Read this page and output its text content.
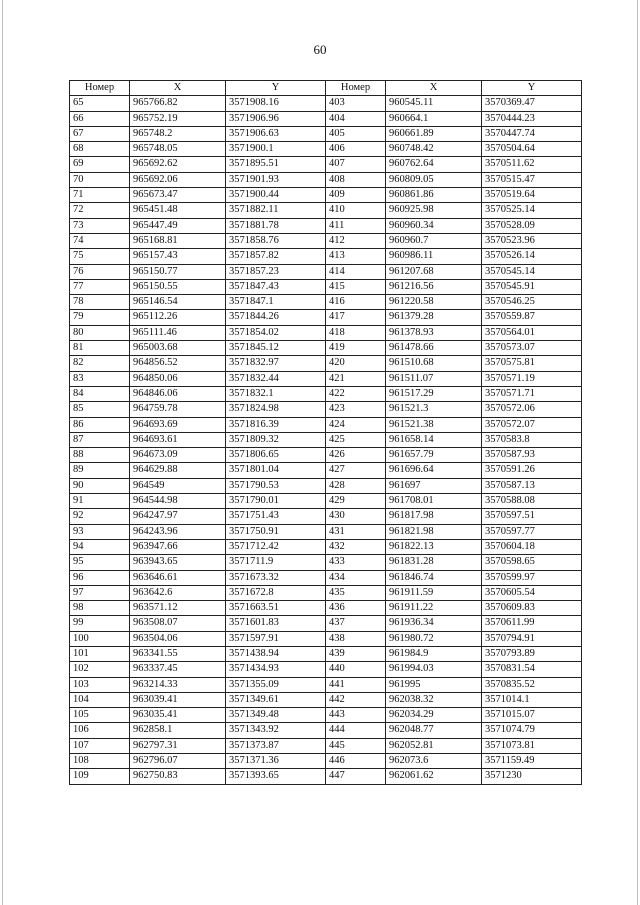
60
Номер	X	Y	Номер	X	Y
65	965766.82	3571908.16	403	960545.11	3570369.47
66	965752.19	3571906.96	404	960664.1	3570444.23
67	965748.2	3571906.63	405	960661.89	3570447.74
68	965748.05	3571900.1	406	960748.42	3570504.64
69	965692.62	3571895.51	407	960762.64	3570511.62
70	965692.06	3571901.93	408	960809.05	3570515.47
71	965673.47	3571900.44	409	960861.86	3570519.64
72	965451.48	3571882.11	410	960925.98	3570525.14
73	965447.49	3571881.78	411	960960.34	3570528.09
74	965168.81	3571858.76	412	960960.7	3570523.96
75	965157.43	3571857.82	413	960986.11	3570526.14
76	965150.77	3571857.23	414	961207.68	3570545.14
77	965150.55	3571847.43	415	961216.56	3570545.91
78	965146.54	3571847.1	416	961220.58	3570546.25
79	965112.26	3571844.26	417	961379.28	3570559.87
80	965111.46	3571854.02	418	961378.93	3570564.01
81	965003.68	3571845.12	419	961478.66	3570573.07
82	964856.52	3571832.97	420	961510.68	3570575.81
83	964850.06	3571832.44	421	961511.07	3570571.19
84	964846.06	3571832.1	422	961517.29	3570571.71
85	964759.78	3571824.98	423	961521.3	3570572.06
86	964693.69	3571816.39	424	961521.38	3570572.07
87	964693.61	3571809.32	425	961658.14	3570583.8
88	964673.09	3571806.65	426	961657.79	3570587.93
89	964629.88	3571801.04	427	961696.64	3570591.26
90	964549	3571790.53	428	961697	3570587.13
91	964544.98	3571790.01	429	961708.01	3570588.08
92	964247.97	3571751.43	430	961817.98	3570597.51
93	964243.96	3571750.91	431	961821.98	3570597.77
94	963947.66	3571712.42	432	961822.13	3570604.18
95	963943.65	3571711.9	433	961831.28	3570598.65
96	963646.61	3571673.32	434	961846.74	3570599.97
97	963642.6	3571672.8	435	961911.59	3570605.54
98	963571.12	3571663.51	436	961911.22	3570609.83
99	963508.07	3571601.83	437	961936.34	3570611.99
100	963504.06	3571597.91	438	961980.72	3570794.91
101	963341.55	3571438.94	439	961984.9	3570793.89
102	963337.45	3571434.93	440	961994.03	3570831.54
103	963214.33	3571355.09	441	961995	3570835.52
104	963039.41	3571349.61	442	962038.32	3571014.1
105	963035.41	3571349.48	443	962034.29	3571015.07
106	962858.1	3571343.92	444	962048.77	3571074.79
107	962797.31	3571373.87	445	962052.81	3571073.81
108	962796.07	3571371.36	446	962073.6	3571159.49
109	962750.83	3571393.65	447	962061.62	3571230
